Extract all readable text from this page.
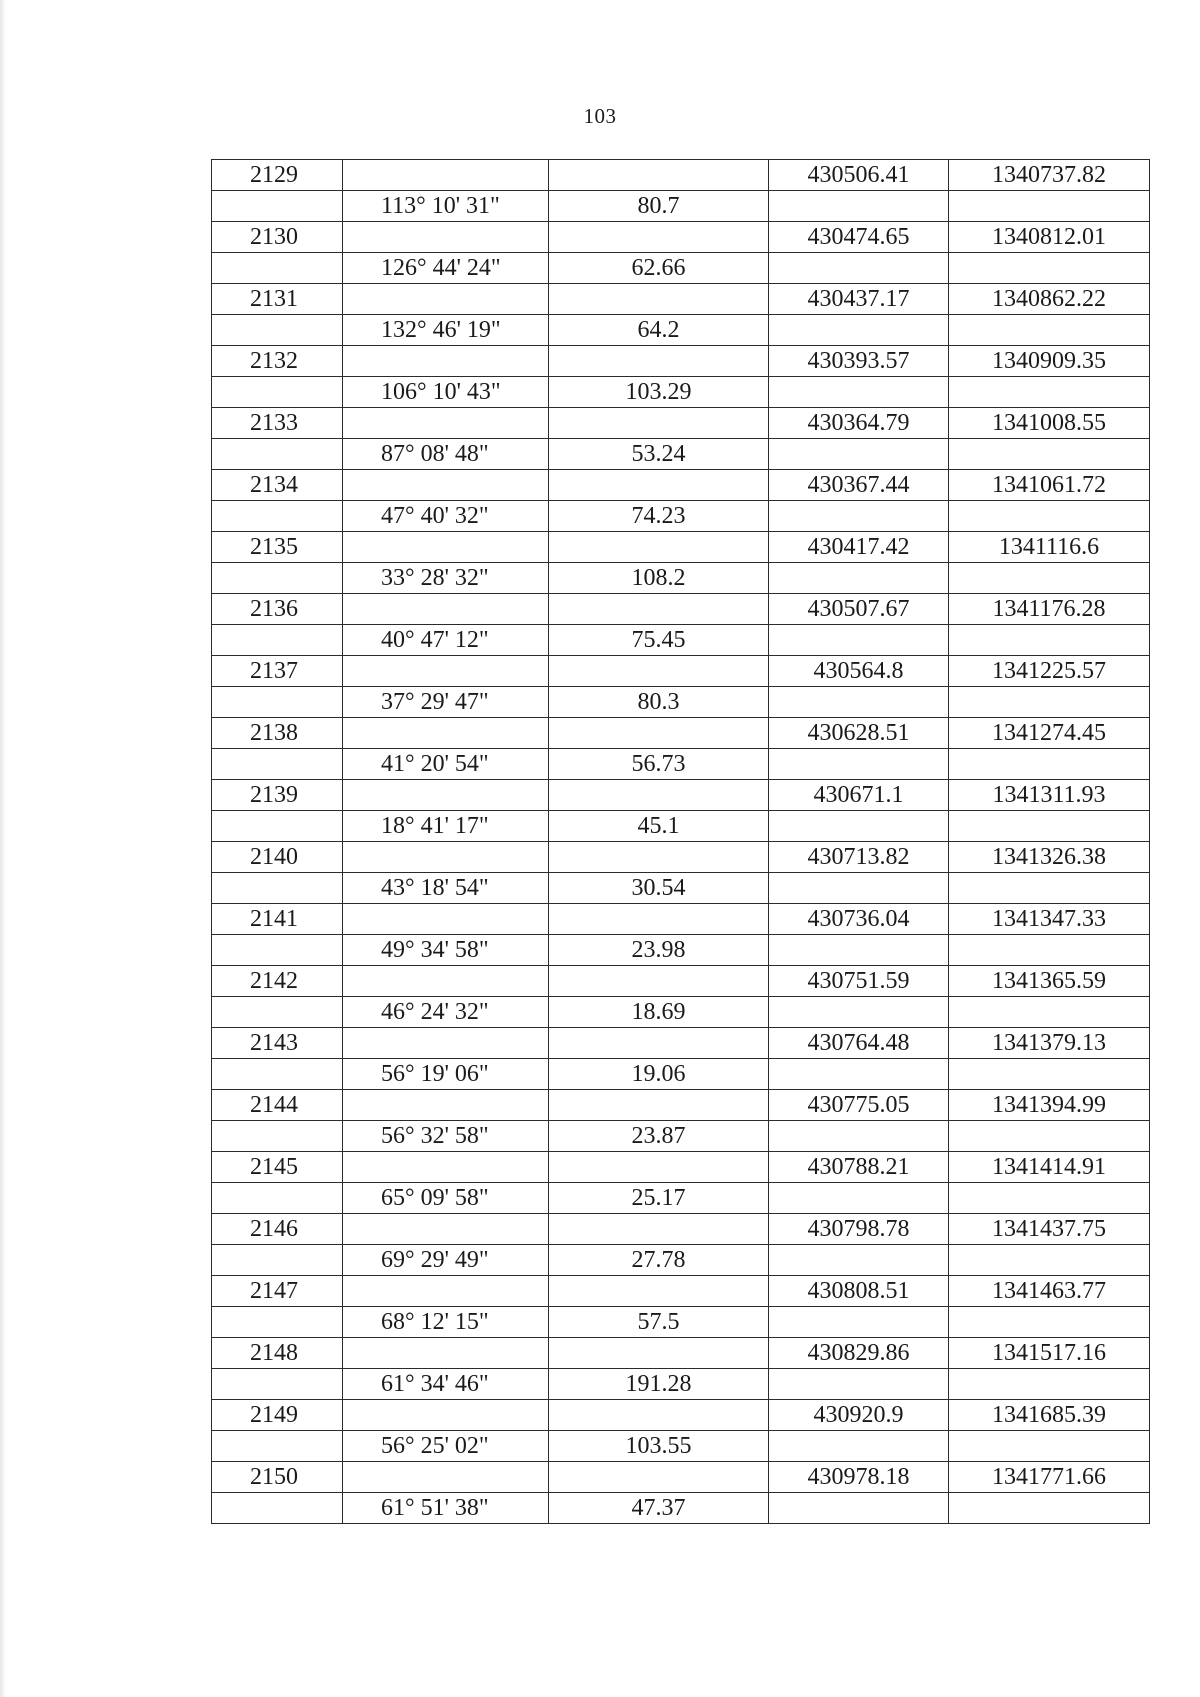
103
2129			430506.41	1340737.82
	113° 10' 31"	80.7		
2130			430474.65	1340812.01
	126° 44' 24"	62.66		
2131			430437.17	1340862.22
	132° 46' 19"	64.2		
2132			430393.57	1340909.35
	106° 10' 43"	103.29		
2133			430364.79	1341008.55
	87° 08' 48"	53.24		
2134			430367.44	1341061.72
	47° 40' 32"	74.23		
2135			430417.42	1341116.6
	33° 28' 32"	108.2		
2136			430507.67	1341176.28
	40° 47' 12"	75.45		
2137			430564.8	1341225.57
	37° 29' 47"	80.3		
2138			430628.51	1341274.45
	41° 20' 54"	56.73		
2139			430671.1	1341311.93
	18° 41' 17"	45.1		
2140			430713.82	1341326.38
	43° 18' 54"	30.54		
2141			430736.04	1341347.33
	49° 34' 58"	23.98		
2142			430751.59	1341365.59
	46° 24' 32"	18.69		
2143			430764.48	1341379.13
	56° 19' 06"	19.06		
2144			430775.05	1341394.99
	56° 32' 58"	23.87		
2145			430788.21	1341414.91
	65° 09' 58"	25.17		
2146			430798.78	1341437.75
	69° 29' 49"	27.78		
2147			430808.51	1341463.77
	68° 12' 15"	57.5		
2148			430829.86	1341517.16
	61° 34' 46"	191.28		
2149			430920.9	1341685.39
	56° 25' 02"	103.55		
2150			430978.18	1341771.66
	61° 51' 38"	47.37		
